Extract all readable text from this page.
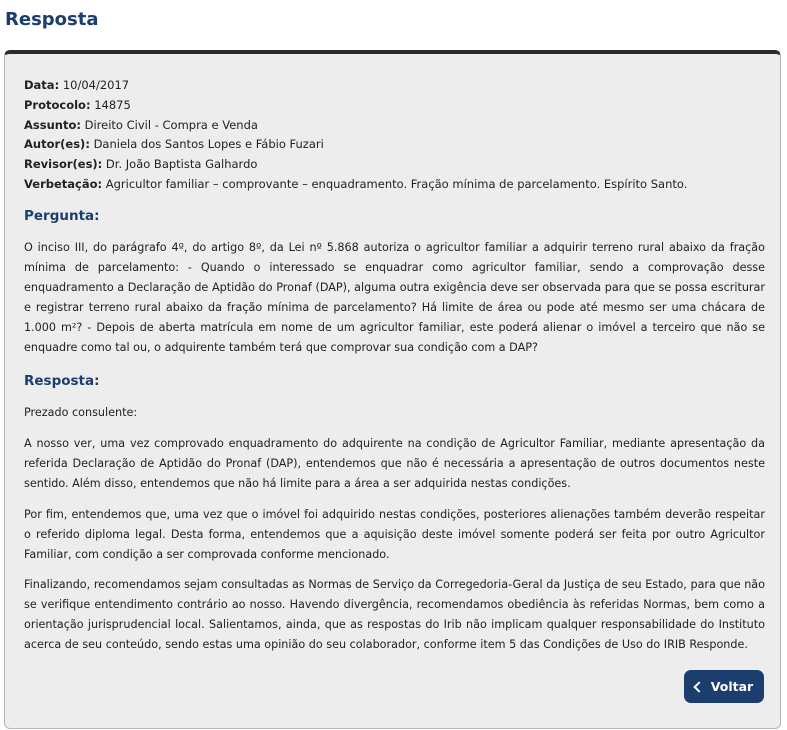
Resposta
Data: 10/04/2017
Protocolo: 14875
Assunto: Direito Civil - Compra e Venda
Autor(es): Daniela dos Santos Lopes e Fábio Fuzari
Revisor(es): Dr. João Baptista Galhardo
Verbetação: Agricultor familiar – comprovante – enquadramento. Fração mínima de parcelamento. Espírito Santo.
Pergunta:

O inciso III, do parágrafo 4º, do artigo 8º, da Lei nº 5.868 autoriza o agricultor familiar a adquirir terreno rural abaixo da fração mínima de parcelamento: - Quando o interessado se enquadrar como agricultor familiar, sendo a comprovação desse enquadramento a Declaração de Aptidão do Pronaf (DAP), alguma outra exigência deve ser observada para que se possa escriturar e registrar terreno rural abaixo da fração mínima de parcelamento? Há limite de área ou pode até mesmo ser uma chácara de 1.000 m²? - Depois de aberta matrícula em nome de um agricultor familiar, este poderá alienar o imóvel a terceiro que não se enquadre como tal ou, o adquirente também terá que comprovar sua condição com a DAP?

Resposta:

Prezado consulente:

A nosso ver, uma vez comprovado enquadramento do adquirente na condição de Agricultor Familiar, mediante apresentação da referida Declaração de Aptidão do Pronaf (DAP), entendemos que não é necessária a apresentação de outros documentos neste sentido. Além disso, entendemos que não há limite para a área a ser adquirida nestas condições.

Por fim, entendemos que, uma vez que o imóvel foi adquirido nestas condições, posteriores alienações também deverão respeitar o referido diploma legal. Desta forma, entendemos que a aquisição deste imóvel somente poderá ser feita por outro Agricultor Familiar, com condição a ser comprovada conforme mencionado.

Finalizando, recomendamos sejam consultadas as Normas de Serviço da Corregedoria-Geral da Justiça de seu Estado, para que não se verifique entendimento contrário ao nosso. Havendo divergência, recomendamos obediência às referidas Normas, bem como a orientação jurisprudencial local. Salientamos, ainda, que as respostas do Irib não implicam qualquer responsabilidade do Instituto acerca de seu conteúdo, sendo estas uma opinião do seu colaborador, conforme item 5 das Condições de Uso do IRIB Responde.

Voltar
